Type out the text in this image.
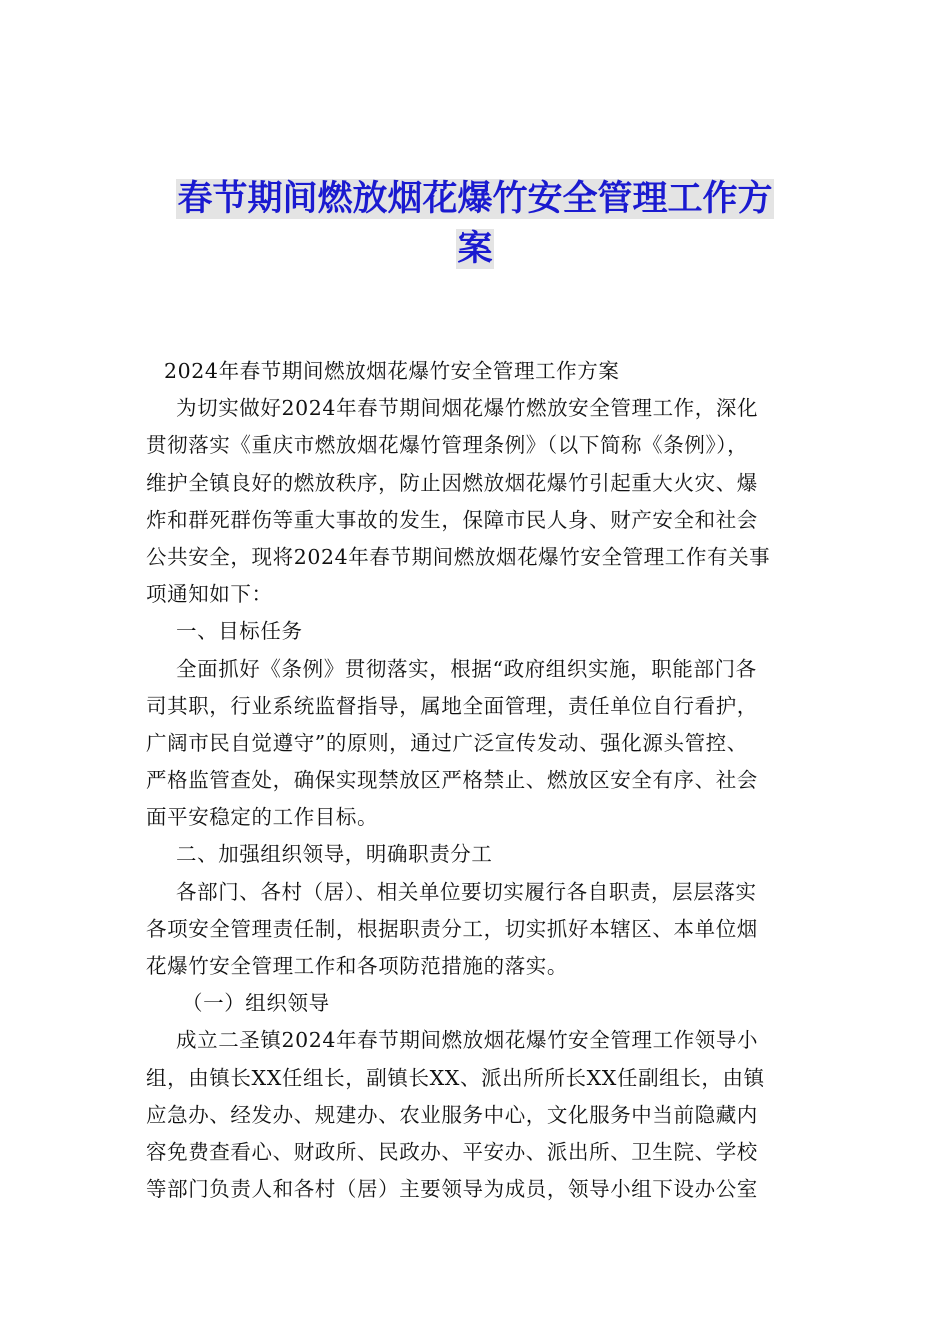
春节期间燃放烟花爆竹安全管理工作方
案
2024年春节期间燃放烟花爆竹安全管理工作方案
为切实做好2024年春节期间烟花爆竹燃放安全管理工作，深化
贯彻落实《重庆市燃放烟花爆竹管理条例》（以下简称《条例》），
维护全镇良好的燃放秩序，防止因燃放烟花爆竹引起重大火灾、爆
炸和群死群伤等重大事故的发生，保障市民人身、财产安全和社会
公共安全，现将2024年春节期间燃放烟花爆竹安全管理工作有关事
项通知如下：
一、目标任务
全面抓好《条例》贯彻落实，根据“政府组织实施，职能部门各
司其职，行业系统监督指导，属地全面管理，责任单位自行看护，
广阔市民自觉遵守”的原则，通过广泛宣传发动、强化源头管控、
严格监管查处，确保实现禁放区严格禁止、燃放区安全有序、社会
面平安稳定的工作目标。
二、加强组织领导，明确职责分工
各部门、各村（居）、相关单位要切实履行各自职责，层层落实
各项安全管理责任制，根据职责分工，切实抓好本辖区、本单位烟
花爆竹安全管理工作和各项防范措施的落实。
（一）组织领导
成立二圣镇2024年春节期间燃放烟花爆竹安全管理工作领导小
组，由镇长XX任组长，副镇长XX、派出所所长XX任副组长，由镇
应急办、经发办、规建办、农业服务中心，文化服务中当前隐藏内
容免费查看心、财政所、民政办、平安办、派出所、卫生院、学校
等部门负责人和各村（居）主要领导为成员，领导小组下设办公室
